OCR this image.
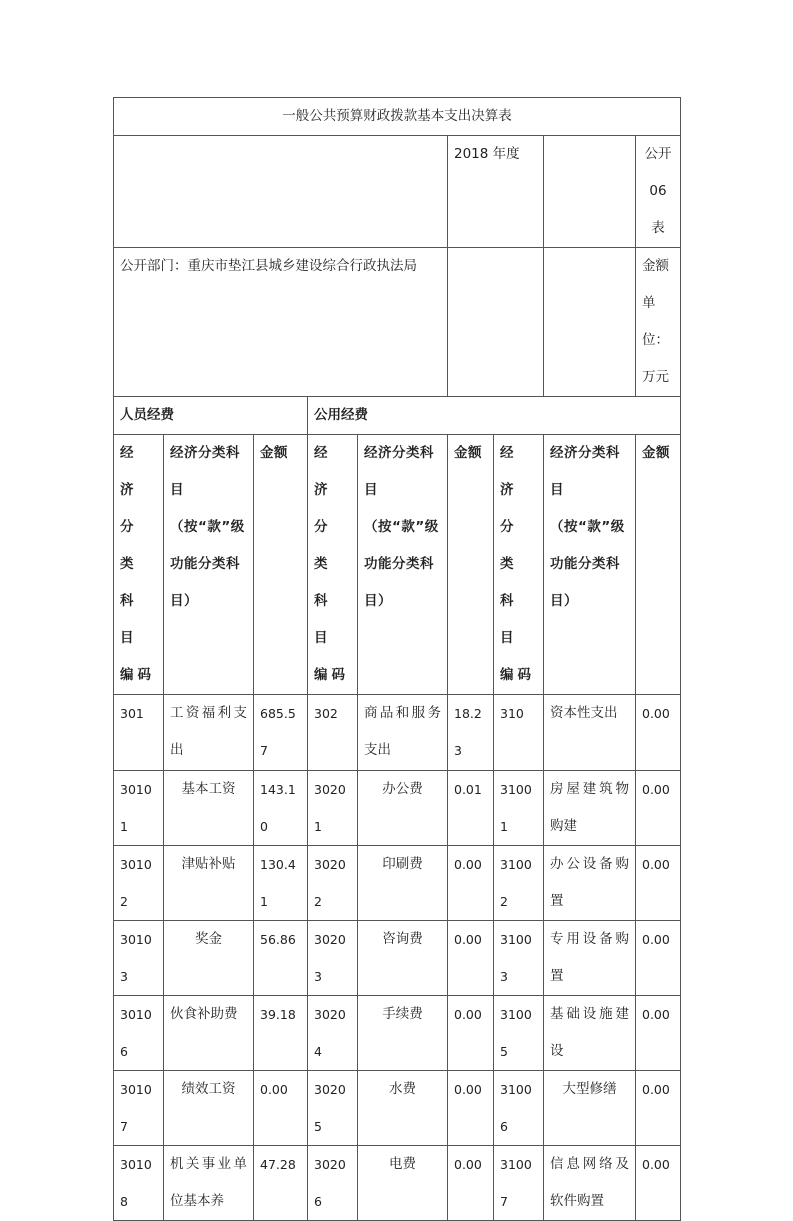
一般公共预算财政拨款基本支出决算表								
					2018 年度			公开 06 表
公开部门：重庆市垫江县城乡建设综合行政执法局								金额单位：万元
人员经费			公用经费					
经 济 分 类 科 目 编码	经济分类科目（按“款”级功能分类科目）	金额	经 济 分 类 科 目 编码	经济分类科目（按“款”级功能分类科目）	金额	经 济 分 类 科 目 编码	经济分类科目（按“款”级功能分类科目）	金额
301	工资福利支出	685.57	302	商品和服务支出	18.23	310	资本性支出	0.00
30101	基本工资	143.10	30201	办公费	0.01	31001	房屋建筑物购建	0.00
30102	津贴补贴	130.41	30202	印刷费	0.00	31002	办公设备购置	0.00
30103	奖金	56.86	30203	咨询费	0.00	31003	专用设备购置	0.00
30106	伙食补助费	39.18	30204	手续费	0.00	31005	基础设施建设	0.00
30107	绩效工资	0.00	30205	水费	0.00	31006	大型修缮	0.00
30108	机关事业单位基本养	47.28	30206	电费	0.00	31007	信息网络及软件购置	0.00
